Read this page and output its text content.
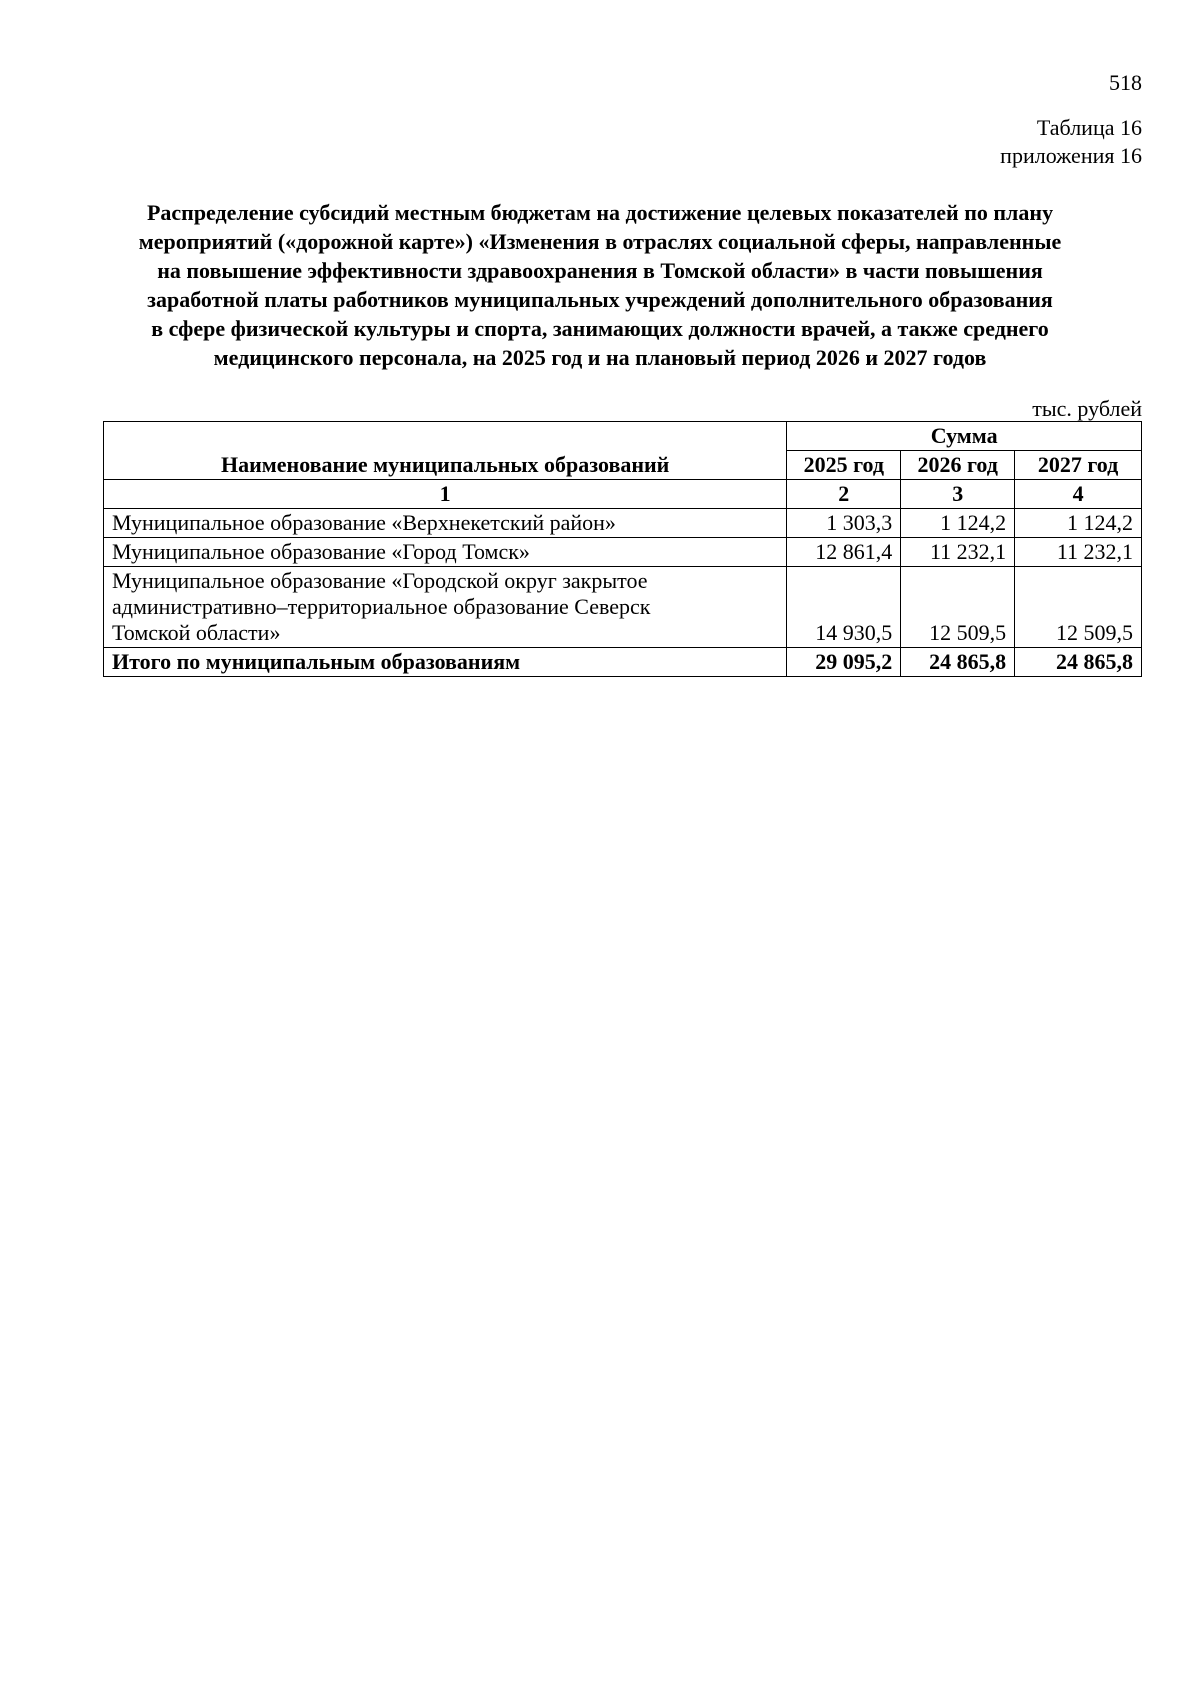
518
Таблица 16
приложения 16
Распределение субсидий местным бюджетам на достижение целевых показателей по плану
мероприятий («дорожной карте») «Изменения в отраслях социальной сферы, направленные
на повышение эффективности здравоохранения в Томской области» в части повышения
заработной платы работников муниципальных учреждений дополнительного образования
в сфере физической культуры и спорта, занимающих должности врачей, а также среднего
медицинского персонала, на 2025 год и на плановый период 2026 и 2027 годов
тыс. рублей
Наименование муниципальных образований	Сумма		
	2025 год	2026 год	2027 год
1	2	3	4

Муниципальное образование «Верхнекетский район»	1 303,3	1 124,2	1 124,2

Муниципальное образование «Город Томск»	12 861,4	11 232,1	11 232,1

Муниципальное образование «Городской округ закрытое
административно–территориальное образование Северск
Томской области»	14 930,5	12 509,5	12 509,5
Итого по муниципальным образованиям	29 095,2	24 865,8	24 865,8
